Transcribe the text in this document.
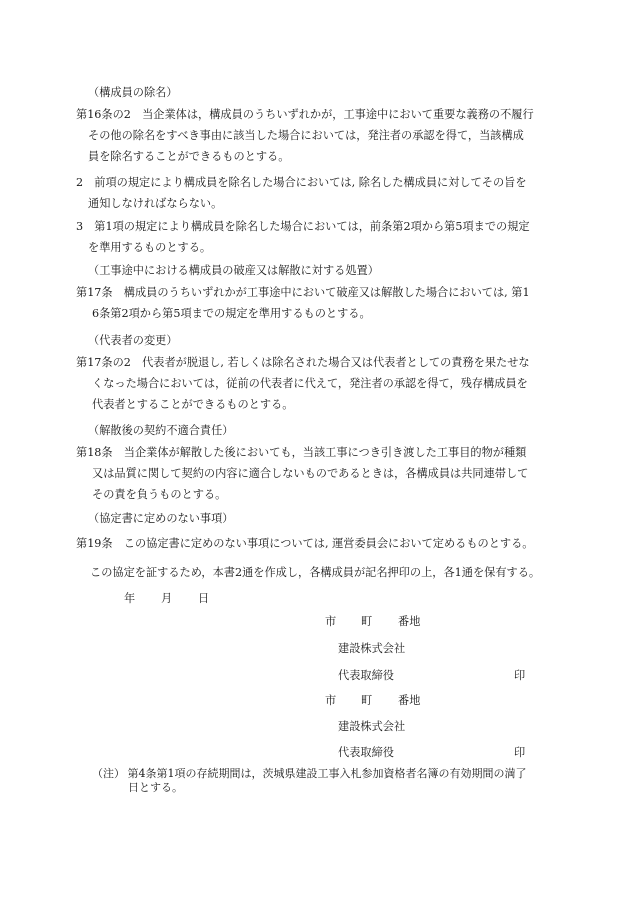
（構成員の除名）
第16条の2　当企業体は，構成員のうちいずれかが，工事途中において重要な義務の不履行
その他の除名をすべき事由に該当した場合においては，発注者の承認を得て，当該構成
員を除名することができるものとする。
2　前項の規定により構成員を除名した場合においては, 除名した構成員に対してその旨を
通知しなければならない。
3　第1項の規定により構成員を除名した場合においては，前条第2項から第5項までの規定
を準用するものとする。
（工事途中における構成員の破産又は解散に対する処置）
第17条　構成員のうちいずれかが工事途中において破産又は解散した場合においては, 第1
6条第2項から第5項までの規定を準用するものとする。
（代表者の変更）
第17条の2　代表者が脱退し, 若しくは除名された場合又は代表者としての責務を果たせな
くなった場合においては，従前の代表者に代えて，発注者の承認を得て，残存構成員を
代表者とすることができるものとする。
（解散後の契約不適合責任）
第18条　当企業体が解散した後においても，当該工事につき引き渡した工事目的物が種類
又は品質に関して契約の内容に適合しないものであるときは，各構成員は共同連帯して
その責を負うものとする。
（協定書に定めのない事項）
第19条　この協定書に定めのない事項については, 運営委員会において定めるものとする。
この協定を証するため，本書2通を作成し，各構成員が記名押印の上，各1通を保有する。
年 月 日
市 町 番地
建設株式会社
代表取締役	印
市 町 番地
建設株式会社
代表取締役	印
（注） 第4条第1項の存続期間は，茨城県建設工事入札参加資格者名簿の有効期間の満了
日とする。
